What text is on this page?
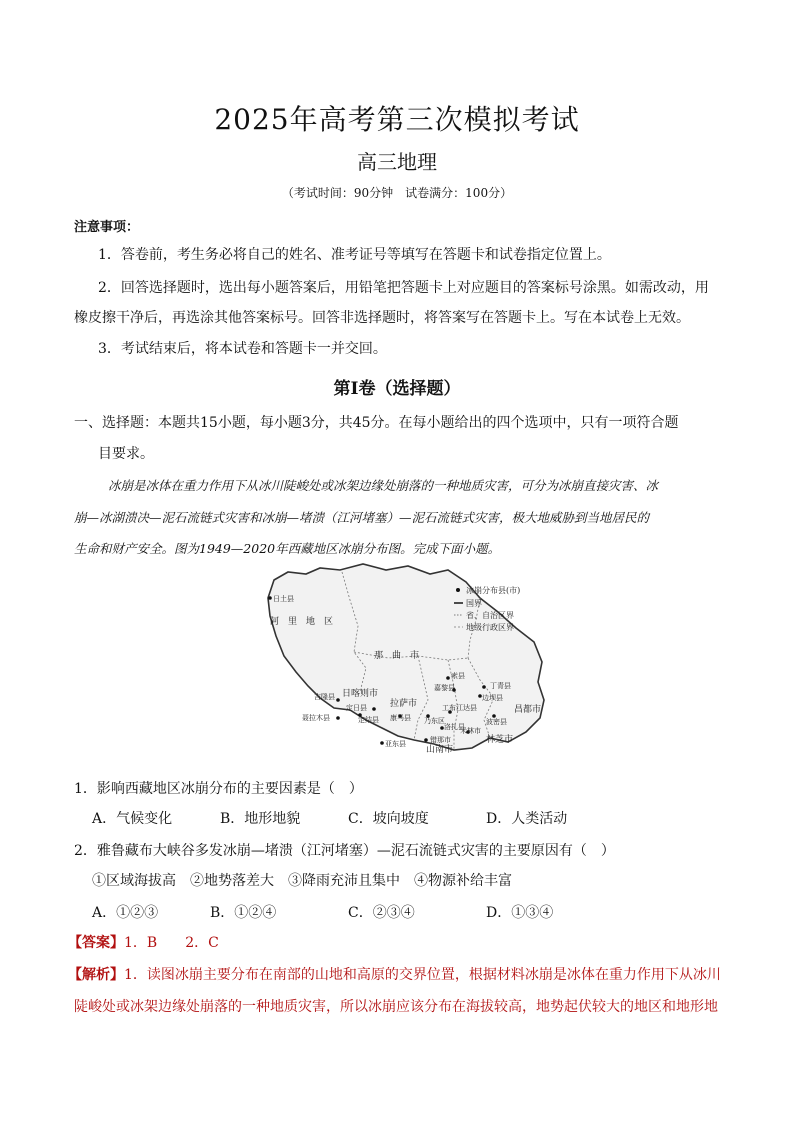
2025年高考第三次模拟考试
高三地理
（考试时间：90分钟　试卷满分：100分）
注意事项：
1．答卷前，考生务必将自己的姓名、准考证号等填写在答题卡和试卷指定位置上。
2．回答选择题时，选出每小题答案后，用铅笔把答题卡上对应题目的答案标号涂黑。如需改动，用
橡皮擦干净后，再选涂其他答案标号。回答非选择题时，将答案写在答题卡上。写在本试卷上无效。
3．考试结束后，将本试卷和答题卡一并交回。
第Ⅰ卷（选择题）
一、选择题：本题共15小题，每小题3分，共45分。在每小题给出的四个选项中，只有一项符合题
目要求。
冰崩是冰体在重力作用下从冰川陡峻处或冰架边缘处崩落的一种地质灾害，可分为冰崩直接灾害、冰
崩—冰湖溃决—泥石流链式灾害和冰崩—堵溃（江河堵塞）—泥石流链式灾害，极大地威胁到当地居民的
生命和财产安全。图为1949—2020年西藏地区冰崩分布图。完成下面小题。
冰崩分布县(市)
国界
省、自治区界
地级行政区界
阿　里　地　区
那　曲　市
日喀则市
拉萨市
昌都市
林芝市
山南市
日土县
索县
丁青县
嘉黎县
边坝县
吉隆县
定日县	工布江达县
聂拉木县	定结县 康马县 乃东区	波密县
洛扎县
米林市
错那市
亚东县
1．影响西藏地区冰崩分布的主要因素是（　）
A．气候变化	B．地形地貌	C．坡向坡度	D．人类活动
2．雅鲁藏布大峡谷多发冰崩—堵溃（江河堵塞）—泥石流链式灾害的主要原因有（　）
①区域海拔高　②地势落差大　③降雨充沛且集中　④物源补给丰富
A．①②③	B．①②④	C．②③④	D．①③④
【答案】1．B　　2．C
【解析】1．读图冰崩主要分布在南部的山地和高原的交界位置，根据材料冰崩是冰体在重力作用下从冰川
陡峻处或冰架边缘处崩落的一种地质灾害，所以冰崩应该分布在海拔较高，地势起伏较大的地区和地形地
